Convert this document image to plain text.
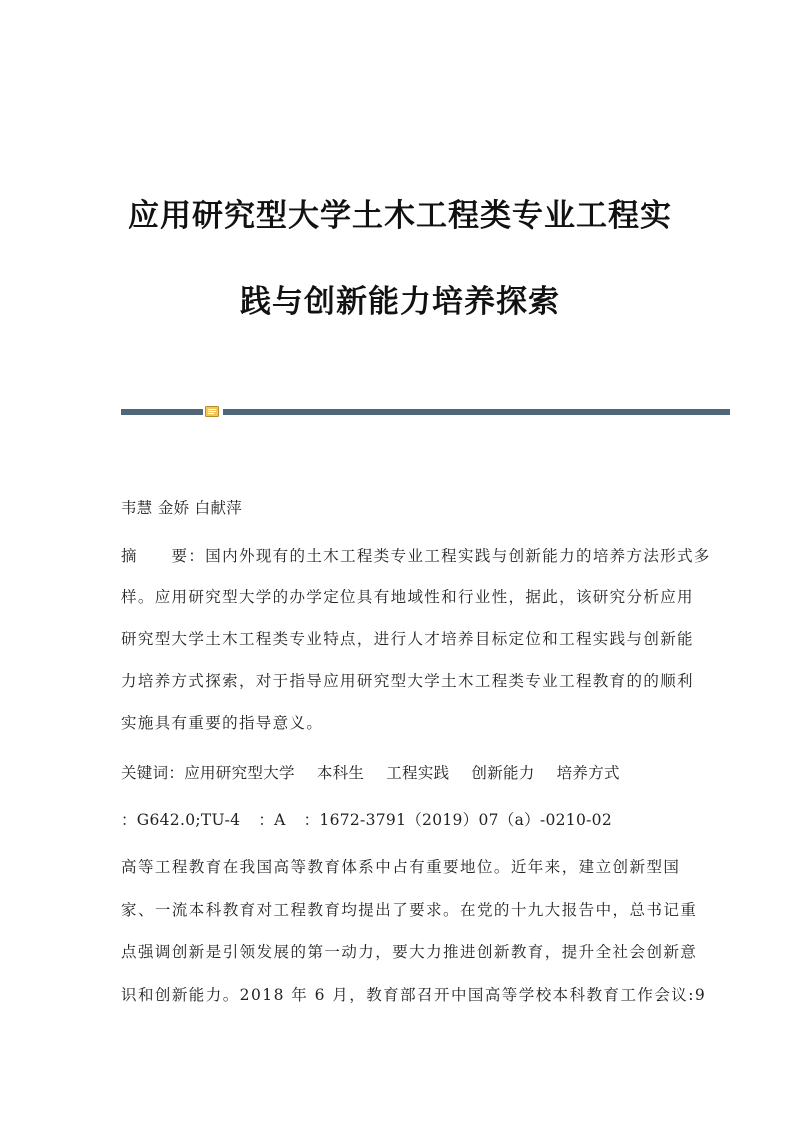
应用研究型大学土木工程类专业工程实
践与创新能力培养探索
韦慧 金娇 白献萍
摘　　要：国内外现有的土木工程类专业工程实践与创新能力的培养方法形式多
样。应用研究型大学的办学定位具有地域性和行业性，据此，该研究分析应用
研究型大学土木工程类专业特点，进行人才培养目标定位和工程实践与创新能
力培养方式探索，对于指导应用研究型大学土木工程类专业工程教育的的顺利
实施具有重要的指导意义。
关键词：应用研究型大学 本科生 工程实践 创新能力 培养方式
：G642.0;TU-4 ：A ：1672-3791（2019）07（a）-0210-02
高等工程教育在我国高等教育体系中占有重要地位。近年来，建立创新型国
家、一流本科教育对工程教育均提出了要求。在党的十九大报告中，总书记重
点强调创新是引领发展的第一动力，要大力推进创新教育，提升全社会创新意
识和创新能力。2018 年 6 月，教育部召开中国高等学校本科教育工作会议:9
